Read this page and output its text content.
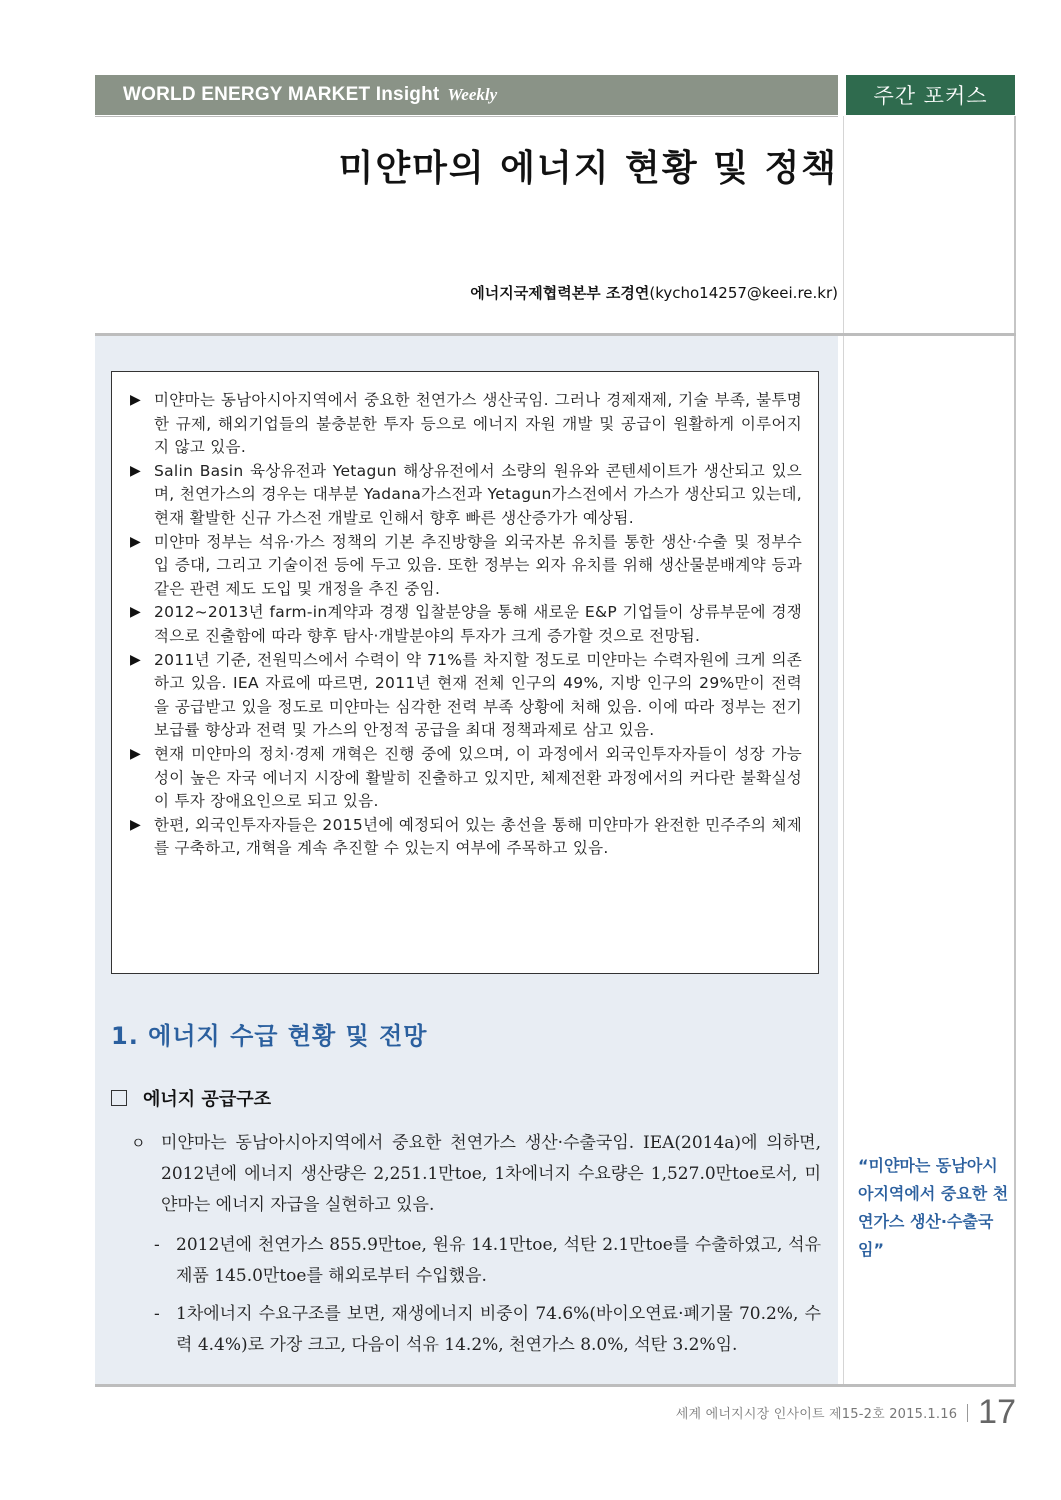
WORLD ENERGY MARKET Insight Weekly	주간 포커스
미얀마의 에너지 현황 및 정책
에너지국제협력본부 조경연(kycho14257@keei.re.kr)
▶ 미얀마는 동남아시아지역에서 중요한 천연가스 생산국임. 그러나 경제재제, 기술 부족, 불투명한 규제, 해외기업들의 불충분한 투자 등으로 에너지 자원 개발 및 공급이 원활하게 이루어지지 않고 있음.
▶ Salin Basin 육상유전과 Yetagun 해상유전에서 소량의 원유와 콘텐세이트가 생산되고 있으며, 천연가스의 경우는 대부분 Yadana가스전과 Yetagun가스전에서 가스가 생산되고 있는데, 현재 활발한 신규 가스전 개발로 인해서 향후 빠른 생산증가가 예상됨.
▶ 미얀마 정부는 석유·가스 정책의 기본 추진방향을 외국자본 유치를 통한 생산·수출 및 정부수입 증대, 그리고 기술이전 등에 두고 있음. 또한 정부는 외자 유치를 위해 생산물분배계약 등과 같은 관련 제도 도입 및 개정을 추진 중임.
▶ 2012~2013년 farm-in계약과 경쟁 입찰분양을 통해 새로운 E&P 기업들이 상류부문에 경쟁적으로 진출함에 따라 향후 탐사·개발분야의 투자가 크게 증가할 것으로 전망됨.
▶ 2011년 기준, 전원믹스에서 수력이 약 71%를 차지할 정도로 미얀마는 수력자원에 크게 의존하고 있음. IEA 자료에 따르면, 2011년 현재 전체 인구의 49%, 지방 인구의 29%만이 전력을 공급받고 있을 정도로 미얀마는 심각한 전력 부족 상황에 처해 있음. 이에 따라 정부는 전기보급률 향상과 전력 및 가스의 안정적 공급을 최대 정책과제로 삼고 있음.
▶ 현재 미얀마의 정치·경제 개혁은 진행 중에 있으며, 이 과정에서 외국인투자자들이 성장 가능성이 높은 자국 에너지 시장에 활발히 진출하고 있지만, 체제전환 과정에서의 커다란 불확실성이 투자 장애요인으로 되고 있음.
▶ 한편, 외국인투자자들은 2015년에 예정되어 있는 총선을 통해 미얀마가 완전한 민주주의 체제를 구축하고, 개혁을 계속 추진할 수 있는지 여부에 주목하고 있음.
1. 에너지 수급 현황 및 전망
에너지 공급구조
ㅇ 미얀마는 동남아시아지역에서 중요한 천연가스 생산·수출국임. IEA(2014a)에 의하면, 2012년에 에너지 생산량은 2,251.1만toe, 1차에너지 수요량은 1,527.0만toe로서, 미얀마는 에너지 자급을 실현하고 있음.
- 2012년에 천연가스 855.9만toe, 원유 14.1만toe, 석탄 2.1만toe를 수출하였고, 석유제품 145.0만toe를 해외로부터 수입했음.
- 1차에너지 수요구조를 보면, 재생에너지 비중이 74.6%(바이오연료·폐기물 70.2%, 수력 4.4%)로 가장 크고, 다음이 석유 14.2%, 천연가스 8.0%, 석탄 3.2%임.
“미얀마는 동남아시아지역에서 중요한 천연가스 생산·수출국임”
세계 에너지시장 인사이트 제15-2호 2015.1.16 17
